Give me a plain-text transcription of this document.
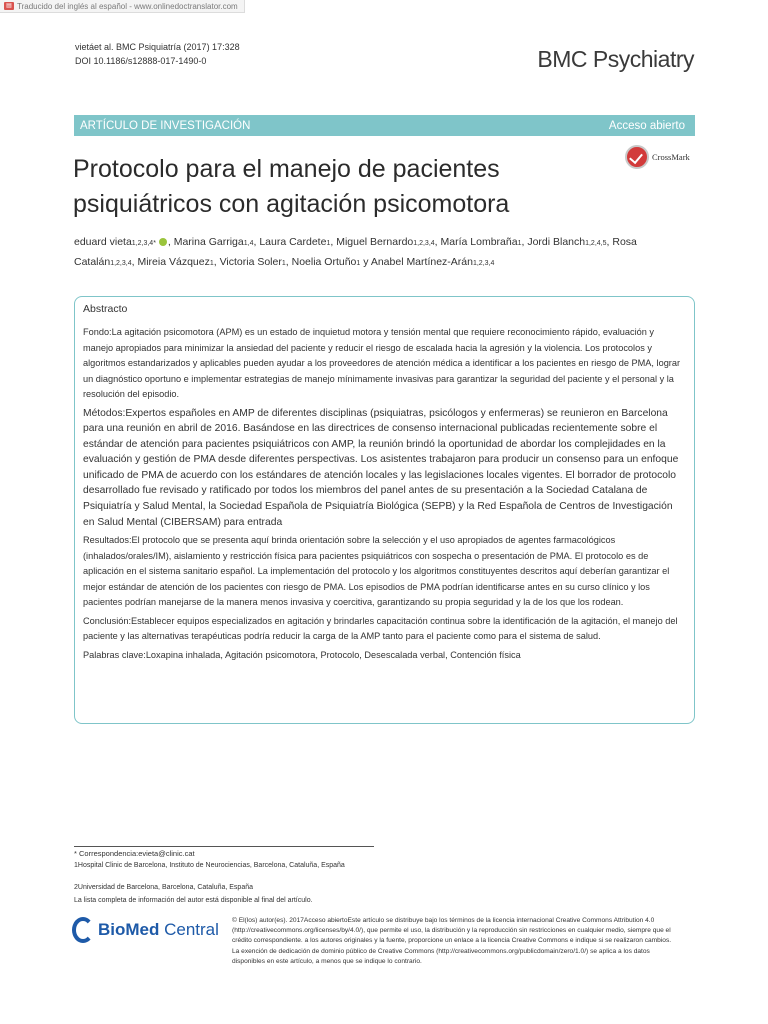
▤ Traducido del inglés al español - www.onlinedoctranslator.com
vietáet al. BMC Psiquiatría (2017) 17:328
DOI 10.1186/s12888-017-1490-0	BMC Psychiatry
ARTÍCULO DE INVESTIGACIÓN	Acceso abierto
Protocolo para el manejo de pacientes psiquiátricos con agitación psicomotora
CrossMark
eduard vieta1,2,3,4* , Marina Garriga1,4, Laura Cardete1, Miguel Bernardo1,2,3,4, María Lombraña1, Jordi Blanch1,2,4,5, Rosa Catalán1,2,3,4, Mireia Vázquez1, Victoria Soler1, Noelia Ortuño1 y Anabel Martínez-Arán1,2,3,4
Abstracto

Fondo:La agitación psicomotora (APM) es un estado de inquietud motora y tensión mental que requiere reconocimiento rápido, evaluación y manejo apropiados para minimizar la ansiedad del paciente y reducir el riesgo de escalada hacia la agresión y la violencia. Los protocolos y algoritmos estandarizados y aplicables pueden ayudar a los proveedores de atención médica a identificar a los pacientes en riesgo de PMA, lograr un diagnóstico oportuno e implementar estrategias de manejo mínimamente invasivas para garantizar la seguridad del paciente y el personal y la resolución del episodio.

Métodos:Expertos españoles en AMP de diferentes disciplinas (psiquiatras, psicólogos y enfermeras) se reunieron en Barcelona para una reunión en abril de 2016. Basándose en las directrices de consenso internacional publicadas recientemente sobre el estándar de atención para pacientes psiquiátricos con AMP, la reunión brindó la oportunidad de abordar los complejidades en la evaluación y gestión de PMA desde diferentes perspectivas. Los asistentes trabajaron para producir un consenso para un enfoque unificado de PMA de acuerdo con los estándares de atención locales y las legislaciones locales vigentes. El borrador de protocolo desarrollado fue revisado y ratificado por todos los miembros del panel antes de su presentación a la Sociedad Catalana de Psiquiatría y Salud Mental, la Sociedad Española de Psiquiatría Biológica (SEPB) y la Red Española de Centros de Investigación en Salud Mental (CIBERSAM) para entrada

Resultados:El protocolo que se presenta aquí brinda orientación sobre la selección y el uso apropiados de agentes farmacológicos (inhalados/orales/IM), aislamiento y restricción física para pacientes psiquiátricos con sospecha o presentación de PMA. El protocolo es de aplicación en el sistema sanitario español. La implementación del protocolo y los algoritmos constituyentes descritos aquí deberían garantizar el mejor estándar de atención de los pacientes con riesgo de PMA. Los episodios de PMA podrían identificarse antes en su curso clínico y los pacientes podrían manejarse de la manera menos invasiva y coercitiva, garantizando su propia seguridad y la de los que los rodean.

Conclusión:Establecer equipos especializados en agitación y brindarles capacitación continua sobre la identificación de la agitación, el manejo del paciente y las alternativas terapéuticas podría reducir la carga de la AMP tanto para el paciente como para el sistema de salud.

Palabras clave:Loxapina inhalada, Agitación psicomotora, Protocolo, Desescalada verbal, Contención física

* Correspondencia:evieta@clinic.cat
1Hospital Clinic de Barcelona, Instituto de Neurociencias, Barcelona, Cataluña, España
2Universidad de Barcelona, Barcelona, Cataluña, España
La lista completa de información del autor está disponible al final del artículo.
BioMed Central © El(los) autor(es). 2017Acceso abiertoEste artículo se distribuye bajo los términos de la licencia internacional Creative Commons Attribution 4.0 (http://creativecommons.org/licenses/by/4.0/), que permite el uso, la distribución y la reproducción sin restricciones en cualquier medio, siempre que el crédito correspondiente. a los autores originales y la fuente, proporcione un enlace a la licencia Creative Commons e indique si se realizaron cambios. La exención de dedicación de dominio público de Creative Commons (http://creativecommons.org/publicdomain/zero/1.0/) se aplica a los datos disponibles en este artículo, a menos que se indique lo contrario.
